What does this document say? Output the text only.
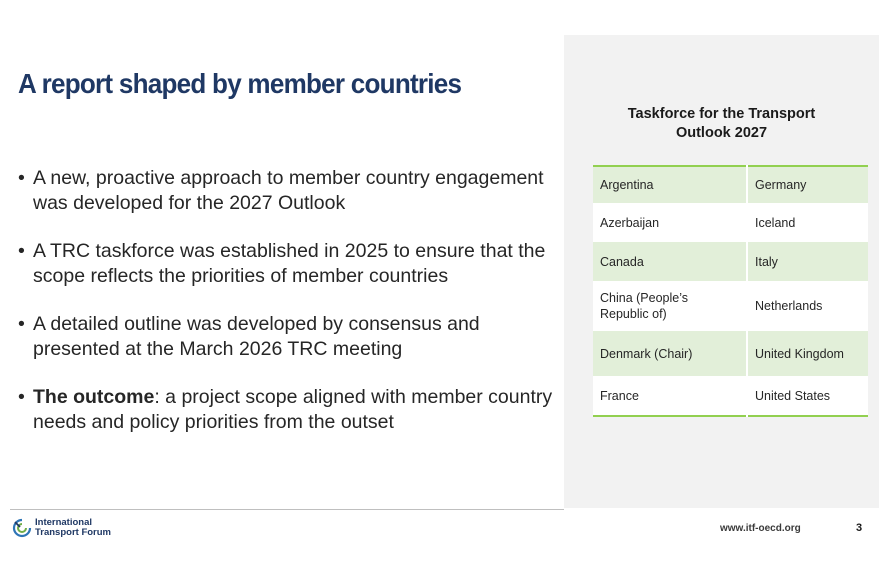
A report shaped by member countries
• A new, proactive approach to member country engagement was developed for the 2027 Outlook
• A TRC taskforce was established in 2025 to ensure that the scope reflects the priorities of member countries
• A detailed outline was developed by consensus and presented at the March 2026 TRC meeting
• The outcome: a project scope aligned with member country needs and policy priorities from the outset
Taskforce for the Transport
Outlook 2027
Argentina	Germany
Azerbaijan	Iceland
Canada	Italy
China (People’s Republic of)	Netherlands
Denmark (Chair)	United Kingdom
France	United States
International
Transport Forum	www.itf-oecd.org	3
